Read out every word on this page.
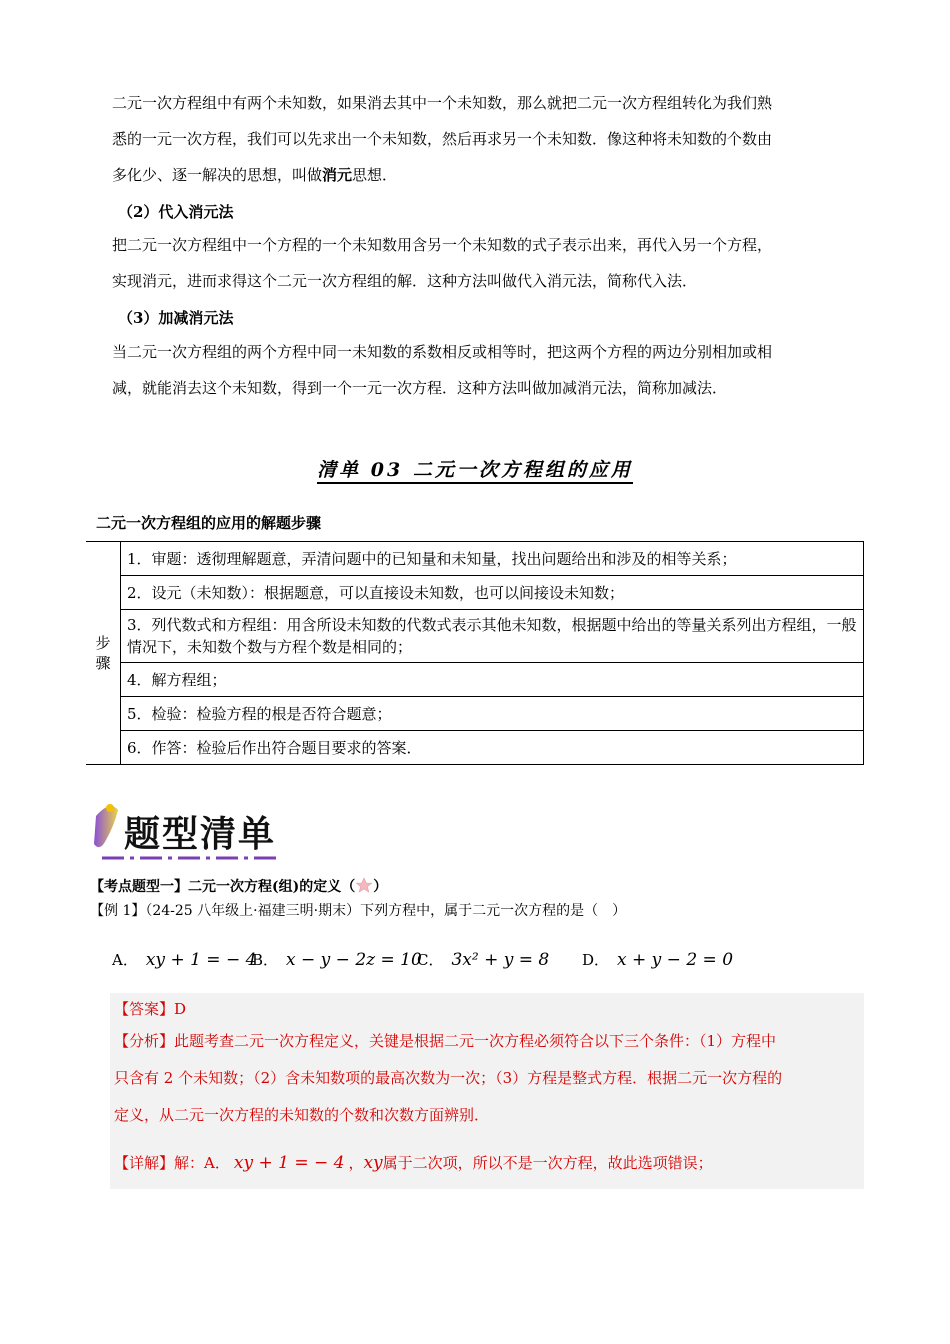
二元一次方程组中有两个未知数，如果消去其中一个未知数，那么就把二元一次方程组转化为我们熟
悉的一元一次方程，我们可以先求出一个未知数，然后再求另一个未知数．像这种将未知数的个数由
多化少、逐一解决的思想，叫做消元思想．
（2）代入消元法
把二元一次方程组中一个方程的一个未知数用含另一个未知数的式子表示出来，再代入另一个方程，
实现消元，进而求得这个二元一次方程组的解．这种方法叫做代入消元法，简称代入法．
（3）加减消元法
当二元一次方程组的两个方程中同一未知数的系数相反或相等时，把这两个方程的两边分别相加或相
减，就能消去这个未知数，得到一个一元一次方程．这种方法叫做加减消元法，简称加减法．
清单 03 二元一次方程组的应用
二元一次方程组的应用的解题步骤
步骤	1．审题：透彻理解题意，弄清问题中的已知量和未知量，找出问题给出和涉及的相等关系；
2．设元（未知数）：根据题意，可以直接设未知数，也可以间接设未知数；
3．列代数式和方程组：用含所设未知数的代数式表示其他未知数，根据题中给出的等量关系列出方程组，一般情况下，未知数个数与方程个数是相同的；
4．解方程组；
5．检验：检验方程的根是否符合题意；
6．作答：检验后作出符合题目要求的答案．
题型清单
【考点题型一】二元一次方程(组)的定义（ ）
【例 1】（24-25 八年级上·福建三明·期末）下列方程中，属于二元一次方程的是（　）
A． xy + 1 = − 4
B． x − y − 2z = 10
C． 3x² + y = 8 D． x + y − 2 = 0

【答案】D

【分析】此题考查二元一次方程定义，关键是根据二元一次方程必须符合以下三个条件：（1）方程中

只含有 2 个未知数；（2）含未知数项的最高次数为一次；（3）方程是整式方程．根据二元一次方程的

定义，从二元一次方程的未知数的个数和次数方面辨别．

【详解】解：A． xy + 1 = − 4 ，xy属于二次项，所以不是一次方程，故此选项错误；
